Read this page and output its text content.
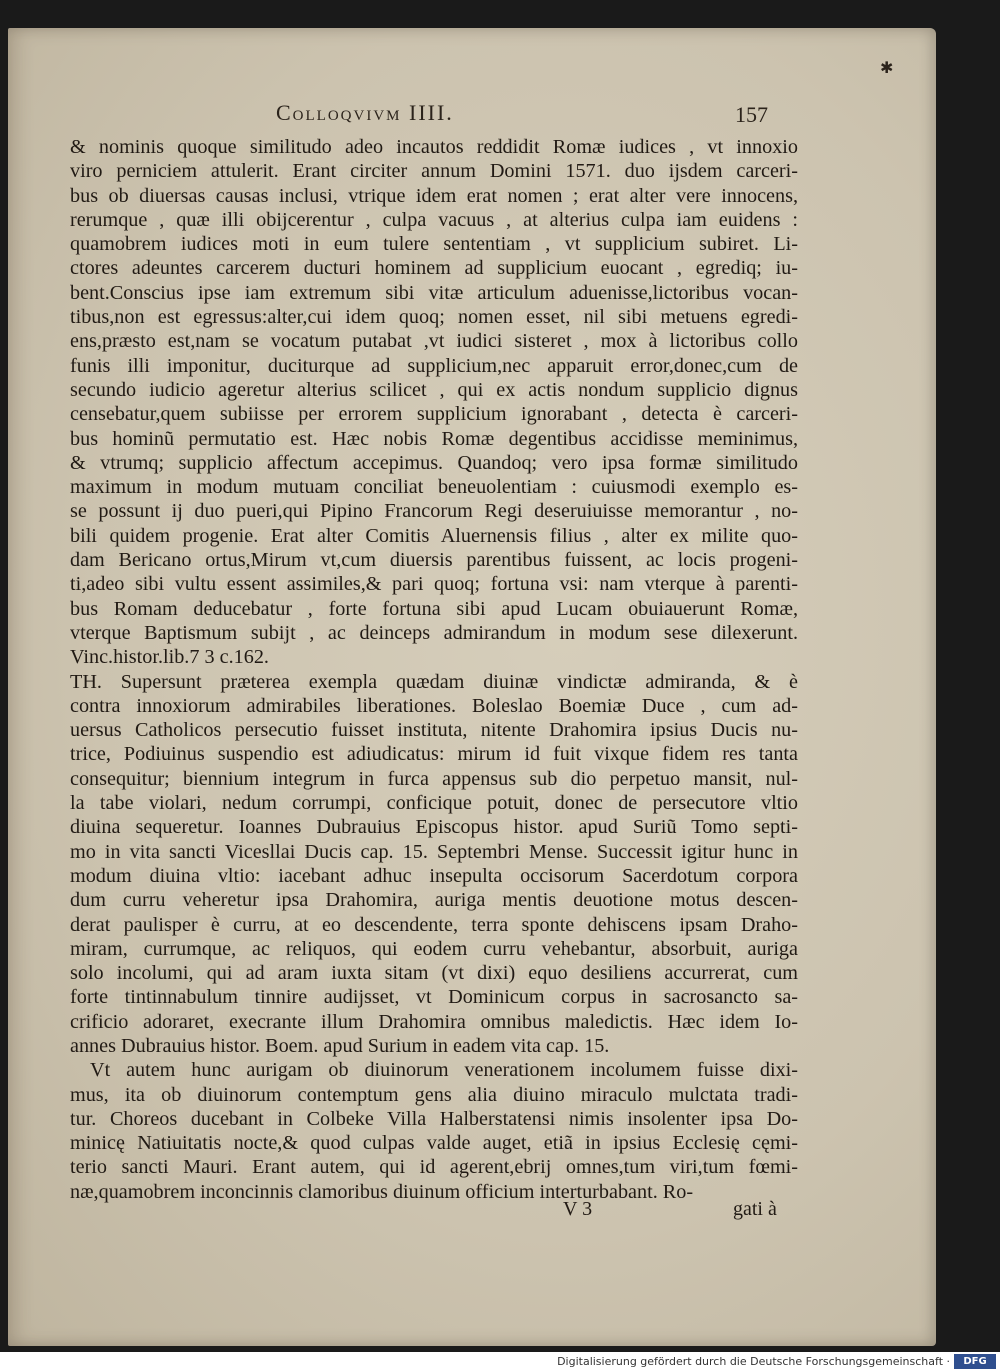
✱
Colloqvivm IIII.	157
& nominis quoque similitudo adeo incautos reddidit Romæ iudices , vt innoxio
viro perniciem attulerit. Erant circiter annum Domini 1571. duo ijsdem carceri-
bus ob diuersas causas inclusi, vtrique idem erat nomen ; erat alter vere innocens,
rerumque , quæ illi obijcerentur , culpa vacuus , at alterius culpa iam euidens :
quamobrem iudices moti in eum tulere sententiam , vt supplicium subiret. Li-
ctores adeuntes carcerem ducturi hominem ad supplicium euocant , egrediq; iu-
bent.Conscius ipse iam extremum sibi vitæ articulum aduenisse,lictoribus vocan-
tibus,non est egressus:alter,cui idem quoq; nomen esset, nil sibi metuens egredi-
ens,præsto est,nam se vocatum putabat ,vt iudici sisteret , mox à lictoribus collo
funis illi imponitur, duciturque ad supplicium,nec apparuit error,donec,cum de
secundo iudicio ageretur alterius scilicet , qui ex actis nondum supplicio dignus
censebatur,quem subiisse per errorem supplicium ignorabant , detecta è carceri-
bus hominũ permutatio est. Hæc nobis Romæ degentibus accidisse meminimus,
& vtrumq; supplicio affectum accepimus. Quandoq; vero ipsa formæ similitudo
maximum in modum mutuam conciliat beneuolentiam : cuiusmodi exemplo es-
se possunt ij duo pueri,qui Pipino Francorum Regi deseruiuisse memorantur , no-
bili quidem progenie. Erat alter Comitis Aluernensis filius , alter ex milite quo-
dam Bericano ortus,Mirum vt,cum diuersis parentibus fuissent, ac locis progeni-
ti,adeo sibi vultu essent assimiles,& pari quoq; fortuna vsi: nam vterque à parenti-
bus Romam deducebatur , forte fortuna sibi apud Lucam obuiauerunt Romæ,
vterque Baptismum subijt , ac deinceps admirandum in modum sese dilexerunt.
Vinc.histor.lib.7 3 c.162.
TH. Supersunt præterea exempla quædam diuinæ vindictæ admiranda, & è
contra innoxiorum admirabiles liberationes. Boleslao Boemiæ Duce , cum ad-
uersus Catholicos persecutio fuisset instituta, nitente Drahomira ipsius Ducis nu-
trice, Podiuinus suspendio est adiudicatus: mirum id fuit vixque fidem res tanta
consequitur; biennium integrum in furca appensus sub dio perpetuo mansit, nul-
la tabe violari, nedum corrumpi, conficique potuit, donec de persecutore vltio
diuina sequeretur. Ioannes Dubrauius Episcopus histor. apud Suriũ Tomo septi-
mo in vita sancti Vicesllai Ducis cap. 15. Septembri Mense. Successit igitur hunc in
modum diuina vltio: iacebant adhuc insepulta occisorum Sacerdotum corpora
dum curru veheretur ipsa Drahomira, auriga mentis deuotione motus descen-
derat paulisper è curru, at eo descendente, terra sponte dehiscens ipsam Draho-
miram, currumque, ac reliquos, qui eodem curru vehebantur, absorbuit, auriga
solo incolumi, qui ad aram iuxta sitam (vt dixi) equo desiliens accurrerat, cum
forte tintinnabulum tinnire audijsset, vt Dominicum corpus in sacrosancto sa-
crificio adoraret, execrante illum Drahomira omnibus maledictis. Hæc idem Io-
annes Dubrauius histor. Boem. apud Surium in eadem vita cap. 15.
Vt autem hunc aurigam ob diuinorum venerationem incolumem fuisse dixi-
mus, ita ob diuinorum contemptum gens alia diuino miraculo mulctata tradi-
tur. Choreos ducebant in Colbeke Villa Halberstatensi nimis insolenter ipsa Do-
minicę Natiuitatis nocte,& quod culpas valde auget, etiã in ipsius Ecclesię cęmi-
terio sancti Mauri. Erant autem, qui id agerent,ebrij omnes,tum viri,tum fœmi-
næ,quamobrem inconcinnis clamoribus diuinum officium interturbabant. Ro-
V 3	gati à
Digitalisierung gefördert durch die Deutsche Forschungsgemeinschaft ·	DFG
